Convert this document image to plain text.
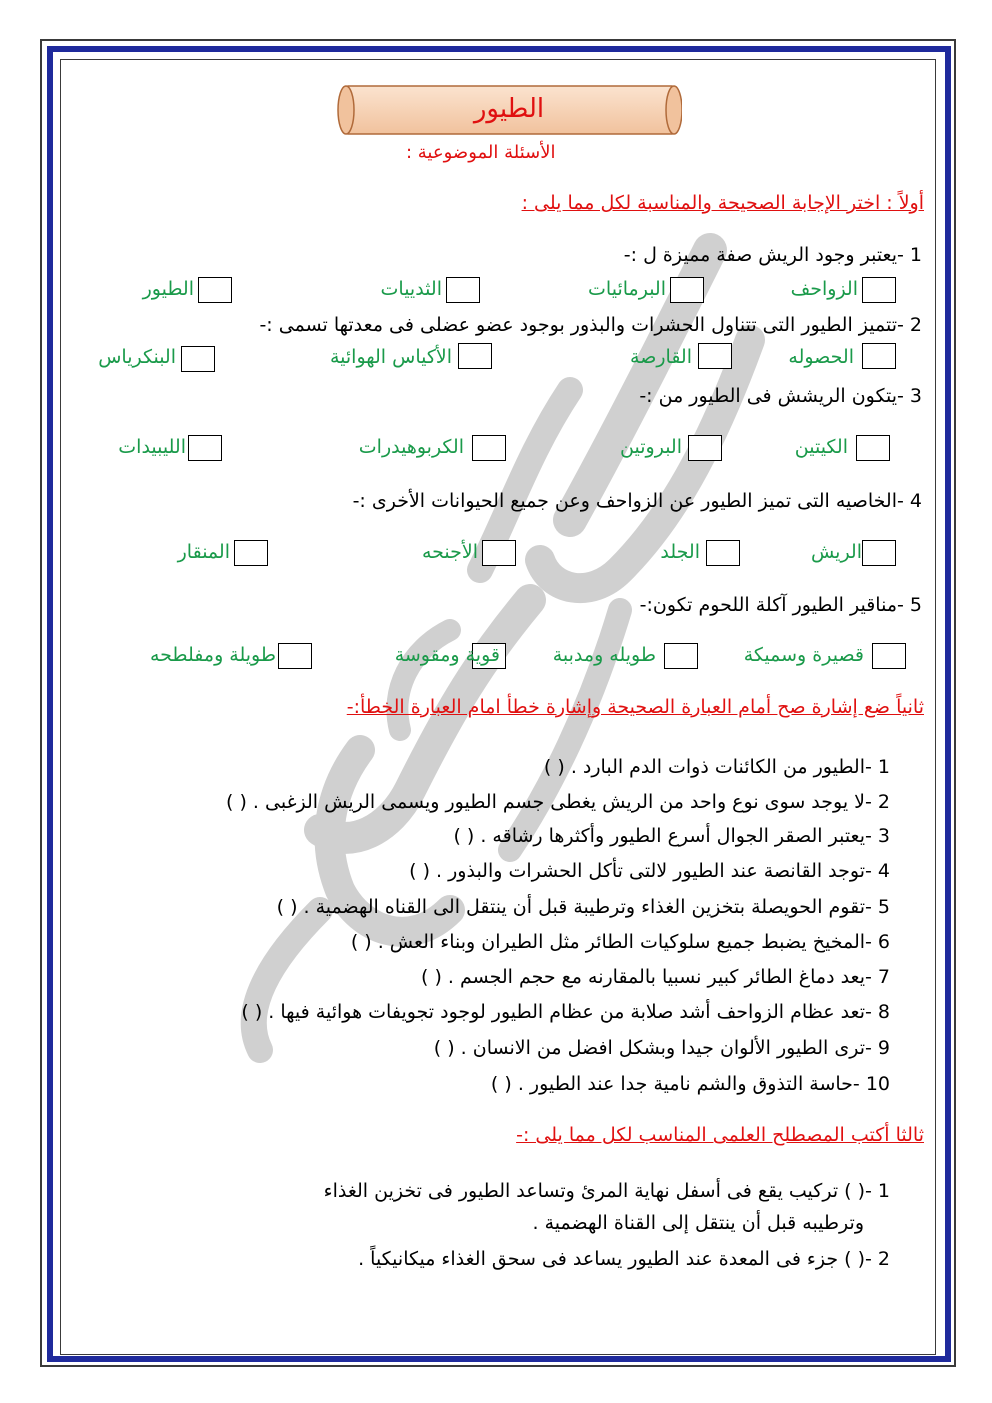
الطيور
الأسئلة الموضوعية :
أولاً : اختر الإجابة الصحيحة والمناسبة لكل مما يلى :
1 -يعتبر وجود الريش صفة مميزة ل :-
الزواحف
البرمائيات
الثدييات
الطيور
2 -تتميز الطيور التى تتناول الحشرات والبذور بوجود عضو عضلى فى معدتها تسمى :-
الحصوله
القارصة
الأكياس الهوائية
البنكرياس
3 -يتكون الريشش فى الطيور من :-
الكيتين
البروتين
الكربوهيدرات
الليبيدات
4 -الخاصيه التى تميز الطيور عن الزواحف وعن جميع الحيوانات الأخرى :-
الريش
الجلد
الأجنحه
المنقار
5 -مناقير الطيور آكلة اللحوم تكون:-
قصيرة وسميكة
طويله ومدببة
قوية ومقوسة
طويلة ومفلطحه
ثانياً ضع إشارة صح أمام العبارة الصحيحة وإشارة خطأ امام العبارة الخطأ:-
1 -الطيور من الكائنات ذوات الدم البارد . ( )
2 -لا يوجد سوى نوع واحد من الريش يغطى جسم الطيور ويسمى الريش الزغبى . ( )
3 -يعتبر الصقر الجوال أسرع الطيور وأكثرها رشاقه . ( )
4 -توجد القانصة عند الطيور لالتى تأكل الحشرات والبذور . ( )
5 -تقوم الحويصلة بتخزين الغذاء وترطيبة قبل أن ينتقل الى القناه الهضمية . ( )
6 -المخيخ يضبط جميع سلوكيات الطائر مثل الطيران وبناء العش . ( )
7 -يعد دماغ الطائر كبير نسبيا بالمقارنه مع حجم الجسم . ( )
8 -تعد عظام الزواحف أشد صلابة من عظام الطيور لوجود تجويفات هوائية فيها . ( )
9 -ترى الطيور الألوان جيدا وبشكل افضل من الانسان . ( )
10 -حاسة التذوق والشم نامية جدا عند الطيور . ( )
ثالثا أكتب المصطلح العلمى المناسب لكل مما يلى :-
1 -( ) تركيب يقع فى أسفل نهاية المرئ وتساعد الطيور فى تخزين الغذاء
وترطيبه قبل أن ينتقل إلى القناة الهضمية .
2 -( ) جزء فى المعدة عند الطيور يساعد فى سحق الغذاء ميكانيكياً .
